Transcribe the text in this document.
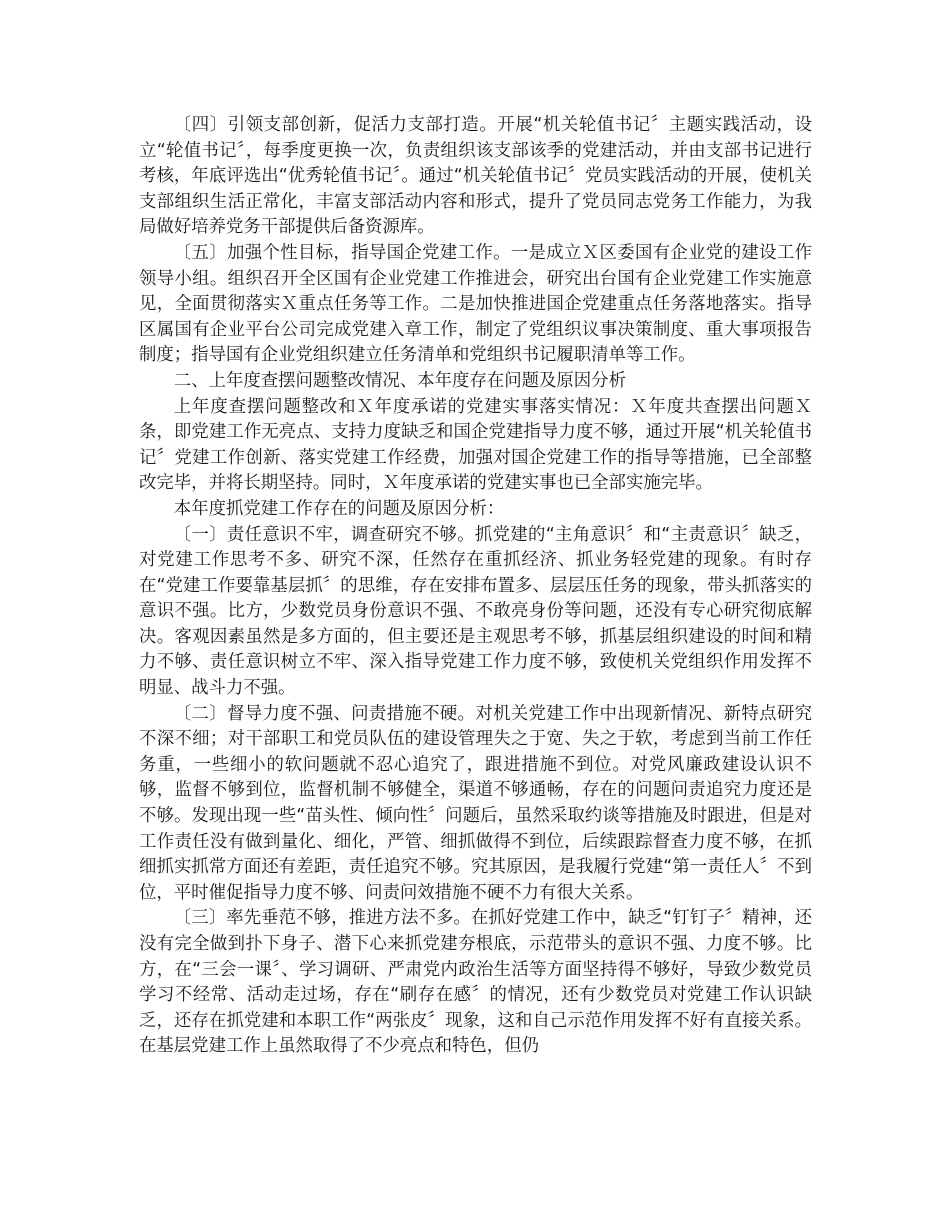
〔四〕引领支部创新，促活力支部打造。开展“机关轮值书记〞主题实践活动，设立“轮值书记〞，每季度更换一次，负责组织该支部该季的党建活动，并由支部书记进行考核，年底评选出“优秀轮值书记〞。通过“机关轮值书记〞党员实践活动的开展，使机关支部组织生活正常化，丰富支部活动内容和形式，提升了党员同志党务工作能力，为我局做好培养党务干部提供后备资源库。

〔五〕加强个性目标，指导国企党建工作。一是成立Ｘ区委国有企业党的建设工作领导小组。组织召开全区国有企业党建工作推进会，研究出台国有企业党建工作实施意见，全面贯彻落实Ｘ重点任务等工作。二是加快推进国企党建重点任务落地落实。指导区属国有企业平台公司完成党建入章工作，制定了党组织议事决策制度、重大事项报告制度；指导国有企业党组织建立任务清单和党组织书记履职清单等工作。

二、上年度查摆问题整改情况、本年度存在问题及原因分析

上年度查摆问题整改和Ｘ年度承诺的党建实事落实情况：Ｘ年度共查摆出问题Ｘ条，即党建工作无亮点、支持力度缺乏和国企党建指导力度不够，通过开展“机关轮值书记〞党建工作创新、落实党建工作经费，加强对国企党建工作的指导等措施，已全部整改完毕，并将长期坚持。同时，Ｘ年度承诺的党建实事也已全部实施完毕。

本年度抓党建工作存在的问题及原因分析：

〔一〕责任意识不牢，调查研究不够。抓党建的“主角意识〞和“主责意识〞缺乏，对党建工作思考不多、研究不深，任然存在重抓经济、抓业务轻党建的现象。有时存在“党建工作要靠基层抓〞的思维，存在安排布置多、层层压任务的现象，带头抓落实的意识不强。比方，少数党员身份意识不强、不敢亮身份等问题，还没有专心研究彻底解决。客观因素虽然是多方面的，但主要还是主观思考不够，抓基层组织建设的时间和精力不够、责任意识树立不牢、深入指导党建工作力度不够，致使机关党组织作用发挥不明显、战斗力不强。

〔二〕督导力度不强、问责措施不硬。对机关党建工作中出现新情况、新特点研究不深不细；对干部职工和党员队伍的建设管理失之于宽、失之于软，考虑到当前工作任务重，一些细小的软问题就不忍心追究了，跟进措施不到位。对党风廉政建设认识不够，监督不够到位，监督机制不够健全，渠道不够通畅，存在的问题问责追究力度还是不够。发现出现一些“苗头性、倾向性〞问题后，虽然采取约谈等措施及时跟进，但是对工作责任没有做到量化、细化，严管、细抓做得不到位，后续跟踪督查力度不够，在抓细抓实抓常方面还有差距，责任追究不够。究其原因，是我履行党建“第一责任人〞不到位，平时催促指导力度不够、问责问效措施不硬不力有很大关系。

〔三〕率先垂范不够，推进方法不多。在抓好党建工作中，缺乏“钉钉子〞精神，还没有完全做到扑下身子、潜下心来抓党建夯根底，示范带头的意识不强、力度不够。比方，在“三会一课〞、学习调研、严肃党内政治生活等方面坚持得不够好，导致少数党员学习不经常、活动走过场，存在“刷存在感〞的情况，还有少数党员对党建工作认识缺乏，还存在抓党建和本职工作“两张皮〞现象，这和自己示范作用发挥不好有直接关系。在基层党建工作上虽然取得了不少亮点和特色，但仍
